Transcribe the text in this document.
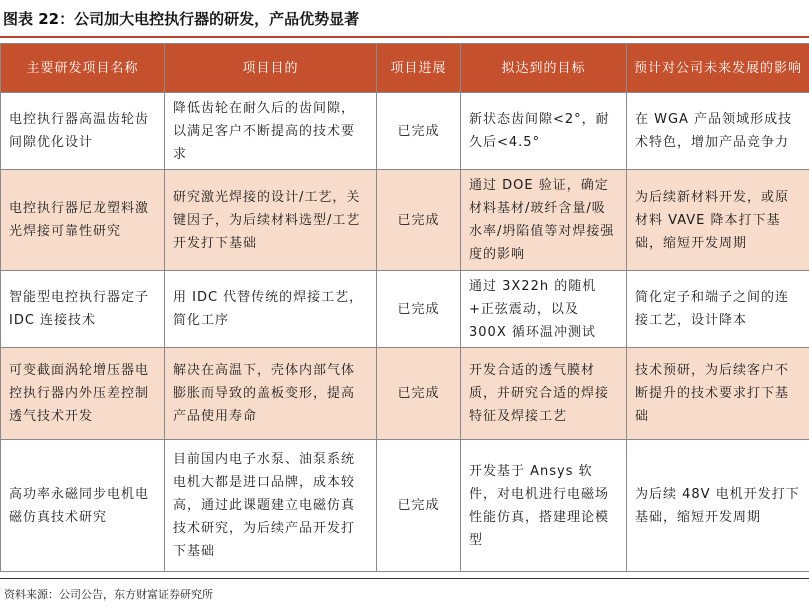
图表 22：公司加大电控执行器的研发，产品优势显著
主要研发项目名称	项目目的	项目进展	拟达到的目标	预计对公司未来发展的影响
电控执行器高温齿轮齿间隙优化设计	降低齿轮在耐久后的齿间隙，以满足客户不断提高的技术要求	已完成	新状态齿间隙<2°，耐久后<4.5°	在 WGA 产品领域形成技术特色，增加产品竞争力
电控执行器尼龙塑料激光焊接可靠性研究	研究激光焊接的设计/工艺，关键因子，为后续材料选型/工艺开发打下基础	已完成	通过 DOE 验证，确定材料基材/玻纤含量/吸水率/坍陷值等对焊接强度的影响	为后续新材料开发，或原材料 VAVE 降本打下基础，缩短开发周期
智能型电控执行器定子 IDC 连接技术	用 IDC 代替传统的焊接工艺，简化工序	已完成	通过 3X22h 的随机+正弦震动，以及 300X 循环温冲测试	简化定子和端子之间的连接工艺，设计降本
可变截面涡轮增压器电控执行器内外压差控制透气技术开发	解决在高温下，壳体内部气体膨胀而导致的盖板变形，提高产品使用寿命	已完成	开发合适的透气膜材质，并研究合适的焊接特征及焊接工艺	技术预研，为后续客户不断提升的技术要求打下基础
高功率永磁同步电机电磁仿真技术研究	目前国内电子水泵、油泵系统电机大都是进口品牌，成本较高，通过此课题建立电磁仿真技术研究，为后续产品开发打下基础	已完成	开发基于 Ansys 软件，对电机进行电磁场性能仿真，搭建理论模型	为后续 48V 电机开发打下基础，缩短开发周期
资料来源：公司公告，东方财富证券研究所
